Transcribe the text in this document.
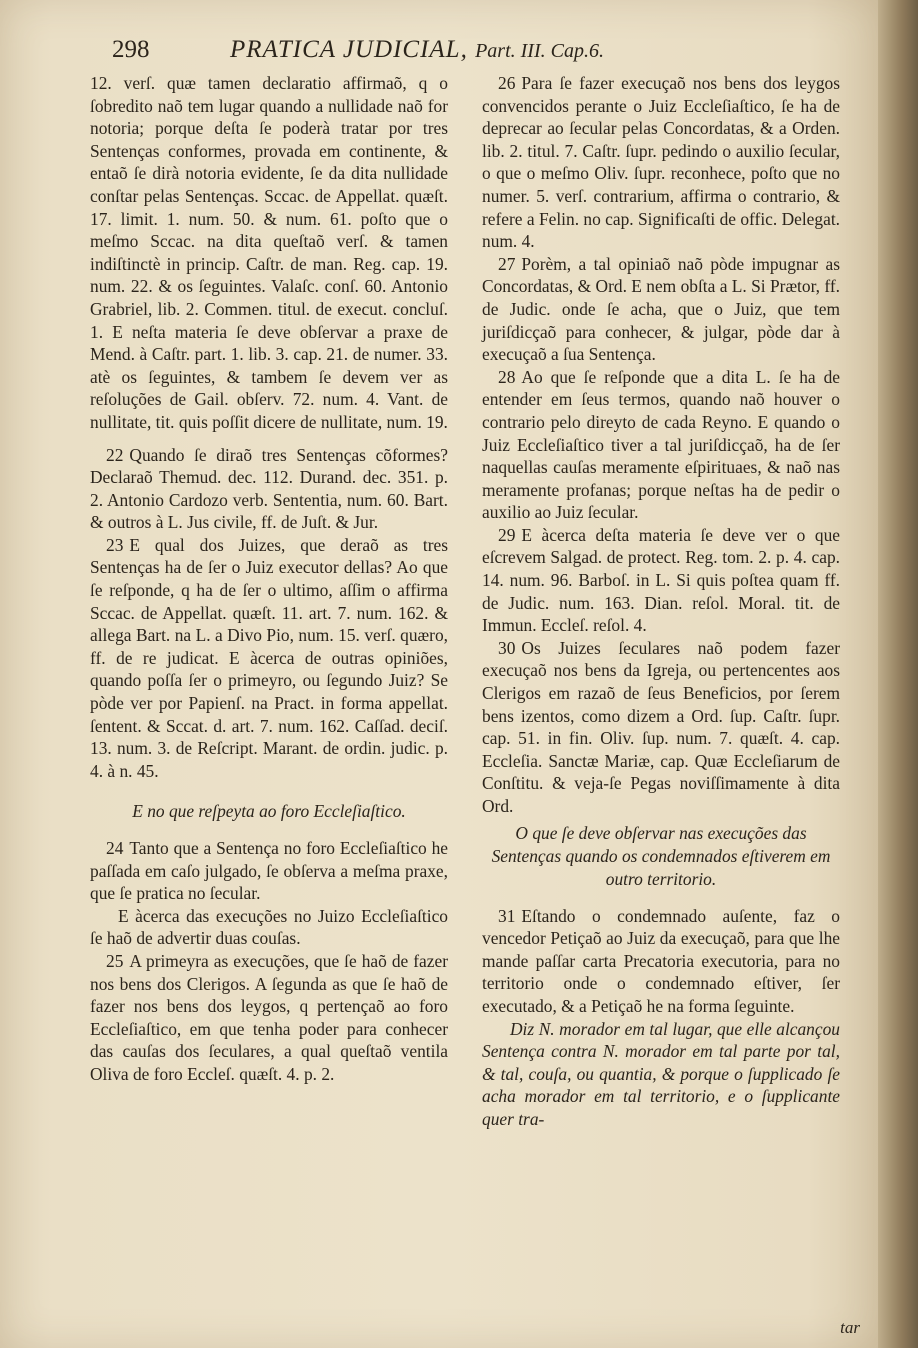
298	PRATICA JUDICIAL, Part. III. Cap.6.

12. verſ. quæ tamen declaratio affirmaõ, q o ſobredito naõ tem lugar quando a nullidade naõ for notoria; porque deſta ſe poderà tratar por tres Sentenças conformes, provada em continente, & entaõ ſe dirà notoria evidente, ſe da dita nullidade conſtar pelas Sentenças. Sccac. de Appellat. quæſt. 17. limit. 1. num. 50. & num. 61. poſto que o meſmo Sccac. na dita queſtaõ verſ. & tamen indiſtinctè in princip. Caſtr. de man. Reg. cap. 19. num. 22. & os ſeguintes. Valaſc. conſ. 60. Antonio Grabriel, lib. 2. Commen. titul. de execut. concluſ. 1. E neſta materia ſe deve obſervar a praxe de Mend. à Caſtr. part. 1. lib. 3. cap. 21. de numer. 33. atè os ſeguintes, & tambem ſe devem ver as reſoluções de Gail. obſerv. 72. num. 4. Vant. de nullitate, tit. quis poſſit dicere de nullitate, num. 19.

22 Quando ſe diraõ tres Sentenças cõformes? Declaraõ Themud. dec. 112. Durand. dec. 351. p. 2. Antonio Cardozo verb. Sententia, num. 60. Bart. & outros à L. Jus civile, ff. de Juſt. & Jur.

23 E qual dos Juizes, que deraõ as tres Sentenças ha de ſer o Juiz executor dellas? Ao que ſe reſponde, q ha de ſer o ultimo, aſſim o affirma Sccac. de Appellat. quæſt. 11. art. 7. num. 162. & allega Bart. na L. a Divo Pio, num. 15. verſ. quæro, ff. de re judicat. E àcerca de outras opiniões, quando poſſa ſer o primeyro, ou ſegundo Juiz? Se pòde ver por Papienſ. na Pract. in forma appellat. ſentent. & Sccat. d. art. 7. num. 162. Caſſad. deciſ. 13. num. 3. de Reſcript. Marant. de ordin. judic. p. 4. à n. 45.

E no que reſpeyta ao foro Eccleſiaſtico.

24 Tanto que a Sentença no foro Eccleſiaſtico he paſſada em caſo julgado, ſe obſerva a meſma praxe, que ſe pratica no ſecular.

E àcerca das execuções no Juizo Eccleſiaſtico ſe haõ de advertir duas couſas.

25 A primeyra as execuções, que ſe haõ de fazer nos bens dos Clerigos. A ſegunda as que ſe haõ de fazer nos bens dos leygos, q pertençaõ ao foro Eccleſiaſtico, em que tenha poder para conhecer das cauſas dos ſeculares, a qual queſtaõ ventila Oliva de foro Eccleſ. quæſt. 4. p. 2.

26 Para ſe fazer execuçaõ nos bens dos leygos convencidos perante o Juiz Eccleſiaſtico, ſe ha de deprecar ao ſecular pelas Concordatas, & a Orden. lib. 2. titul. 7. Caſtr. ſupr. pedindo o auxilio ſecular, o que o meſmo Oliv. ſupr. reconhece, poſto que no numer. 5. verſ. contrarium, affirma o contrario, & refere a Felin. no cap. Significaſti de offic. Delegat. num. 4.

27 Porèm, a tal opiniaõ naõ pòde impugnar as Concordatas, & Ord. E nem obſta a L. Si Prætor, ff. de Judic. onde ſe acha, que o Juiz, que tem juriſdicçaõ para conhecer, & julgar, pòde dar à execuçaõ a ſua Sentença.

28 Ao que ſe reſponde que a dita L. ſe ha de entender em ſeus termos, quando naõ houver o contrario pelo direyto de cada Reyno. E quando o Juiz Eccleſiaſtico tiver a tal juriſdicçaõ, ha de ſer naquellas cauſas meramente eſpirituaes, & naõ nas meramente profanas; porque neſtas ha de pedir o auxilio ao Juiz ſecular.

29 E àcerca deſta materia ſe deve ver o que eſcrevem Salgad. de protect. Reg. tom. 2. p. 4. cap. 14. num. 96. Barboſ. in L. Si quis poſtea quam ff. de Judic. num. 163. Dian. reſol. Moral. tit. de Immun. Eccleſ. reſol. 4.

30 Os Juizes ſeculares naõ podem fazer execuçaõ nos bens da Igreja, ou pertencentes aos Clerigos em razaõ de ſeus Beneficios, por ſerem bens izentos, como dizem a Ord. ſup. Caſtr. ſupr. cap. 51. in fin. Oliv. ſup. num. 7. quæſt. 4. cap. Eccleſia. Sanctæ Mariæ, cap. Quæ Eccleſiarum de Conſtitu. & veja-ſe Pegas noviſſimamente à dita Ord.

O que ſe deve obſervar nas execuções das Sentenças quando os condemnados eſtiverem em outro territorio.

31 Eſtando o condemnado auſente, faz o vencedor Petiçaõ ao Juiz da execuçaõ, para que lhe mande paſſar carta Precatoria executoria, para no territorio onde o condemnado eſtiver, ſer executado, & a Petiçaõ he na forma ſeguinte.

Diz N. morador em tal lugar, que elle alcançou Sentença contra N. morador em tal parte por tal, & tal, couſa, ou quantia, & porque o ſupplicado ſe acha morador em tal territorio, e o ſupplicante quer tra-

tar
